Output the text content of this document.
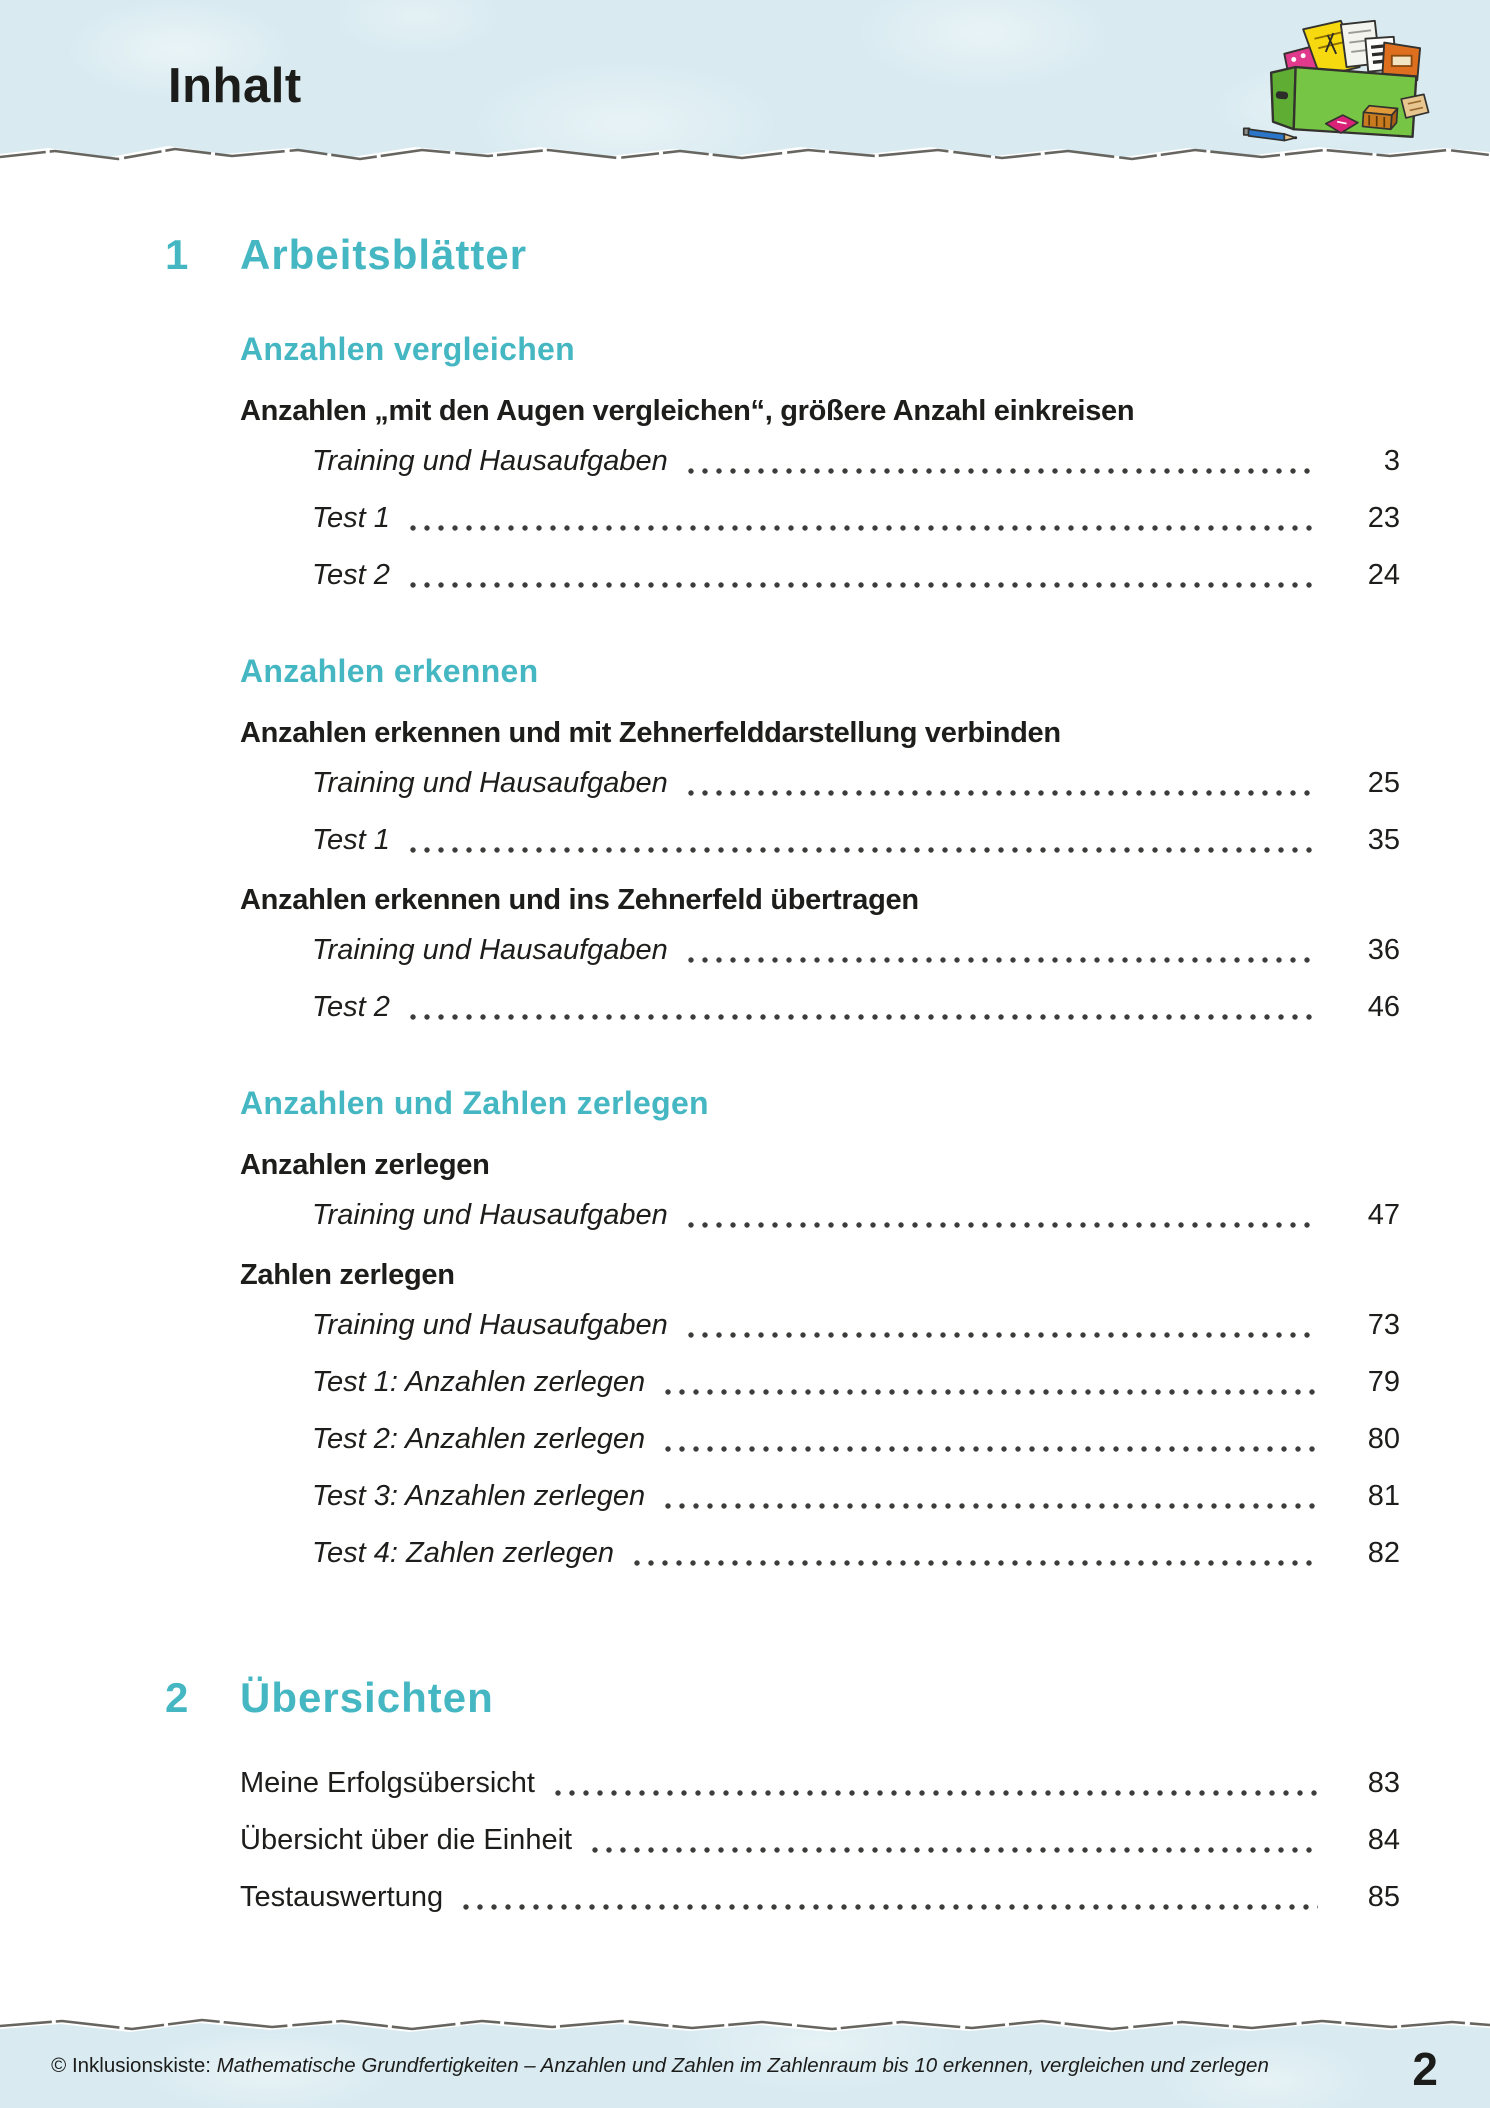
Inhalt
1	Arbeitsblätter
Anzahlen vergleichen
Anzahlen „mit den Augen vergleichen“, größere Anzahl einkreisen
Training und Hausaufgaben	3
Test 1	23
Test 2	24
Anzahlen erkennen
Anzahlen erkennen und mit Zehnerfelddarstellung verbinden
Training und Hausaufgaben	25
Test 1	35
Anzahlen erkennen und ins Zehnerfeld übertragen
Training und Hausaufgaben	36
Test 2	46
Anzahlen und Zahlen zerlegen
Anzahlen zerlegen
Training und Hausaufgaben	47
Zahlen zerlegen
Training und Hausaufgaben	73
Test 1: Anzahlen zerlegen	79
Test 2: Anzahlen zerlegen	80
Test 3: Anzahlen zerlegen	81
Test 4: Zahlen zerlegen	82
2	Übersichten
Meine Erfolgsübersicht	83
Übersicht über die Einheit	84
Testauswertung	85

© Inklusionskiste: Mathematische Grundfertigkeiten – Anzahlen und Zahlen im Zahlenraum bis 10 erkennen, vergleichen und zerlegen	2
